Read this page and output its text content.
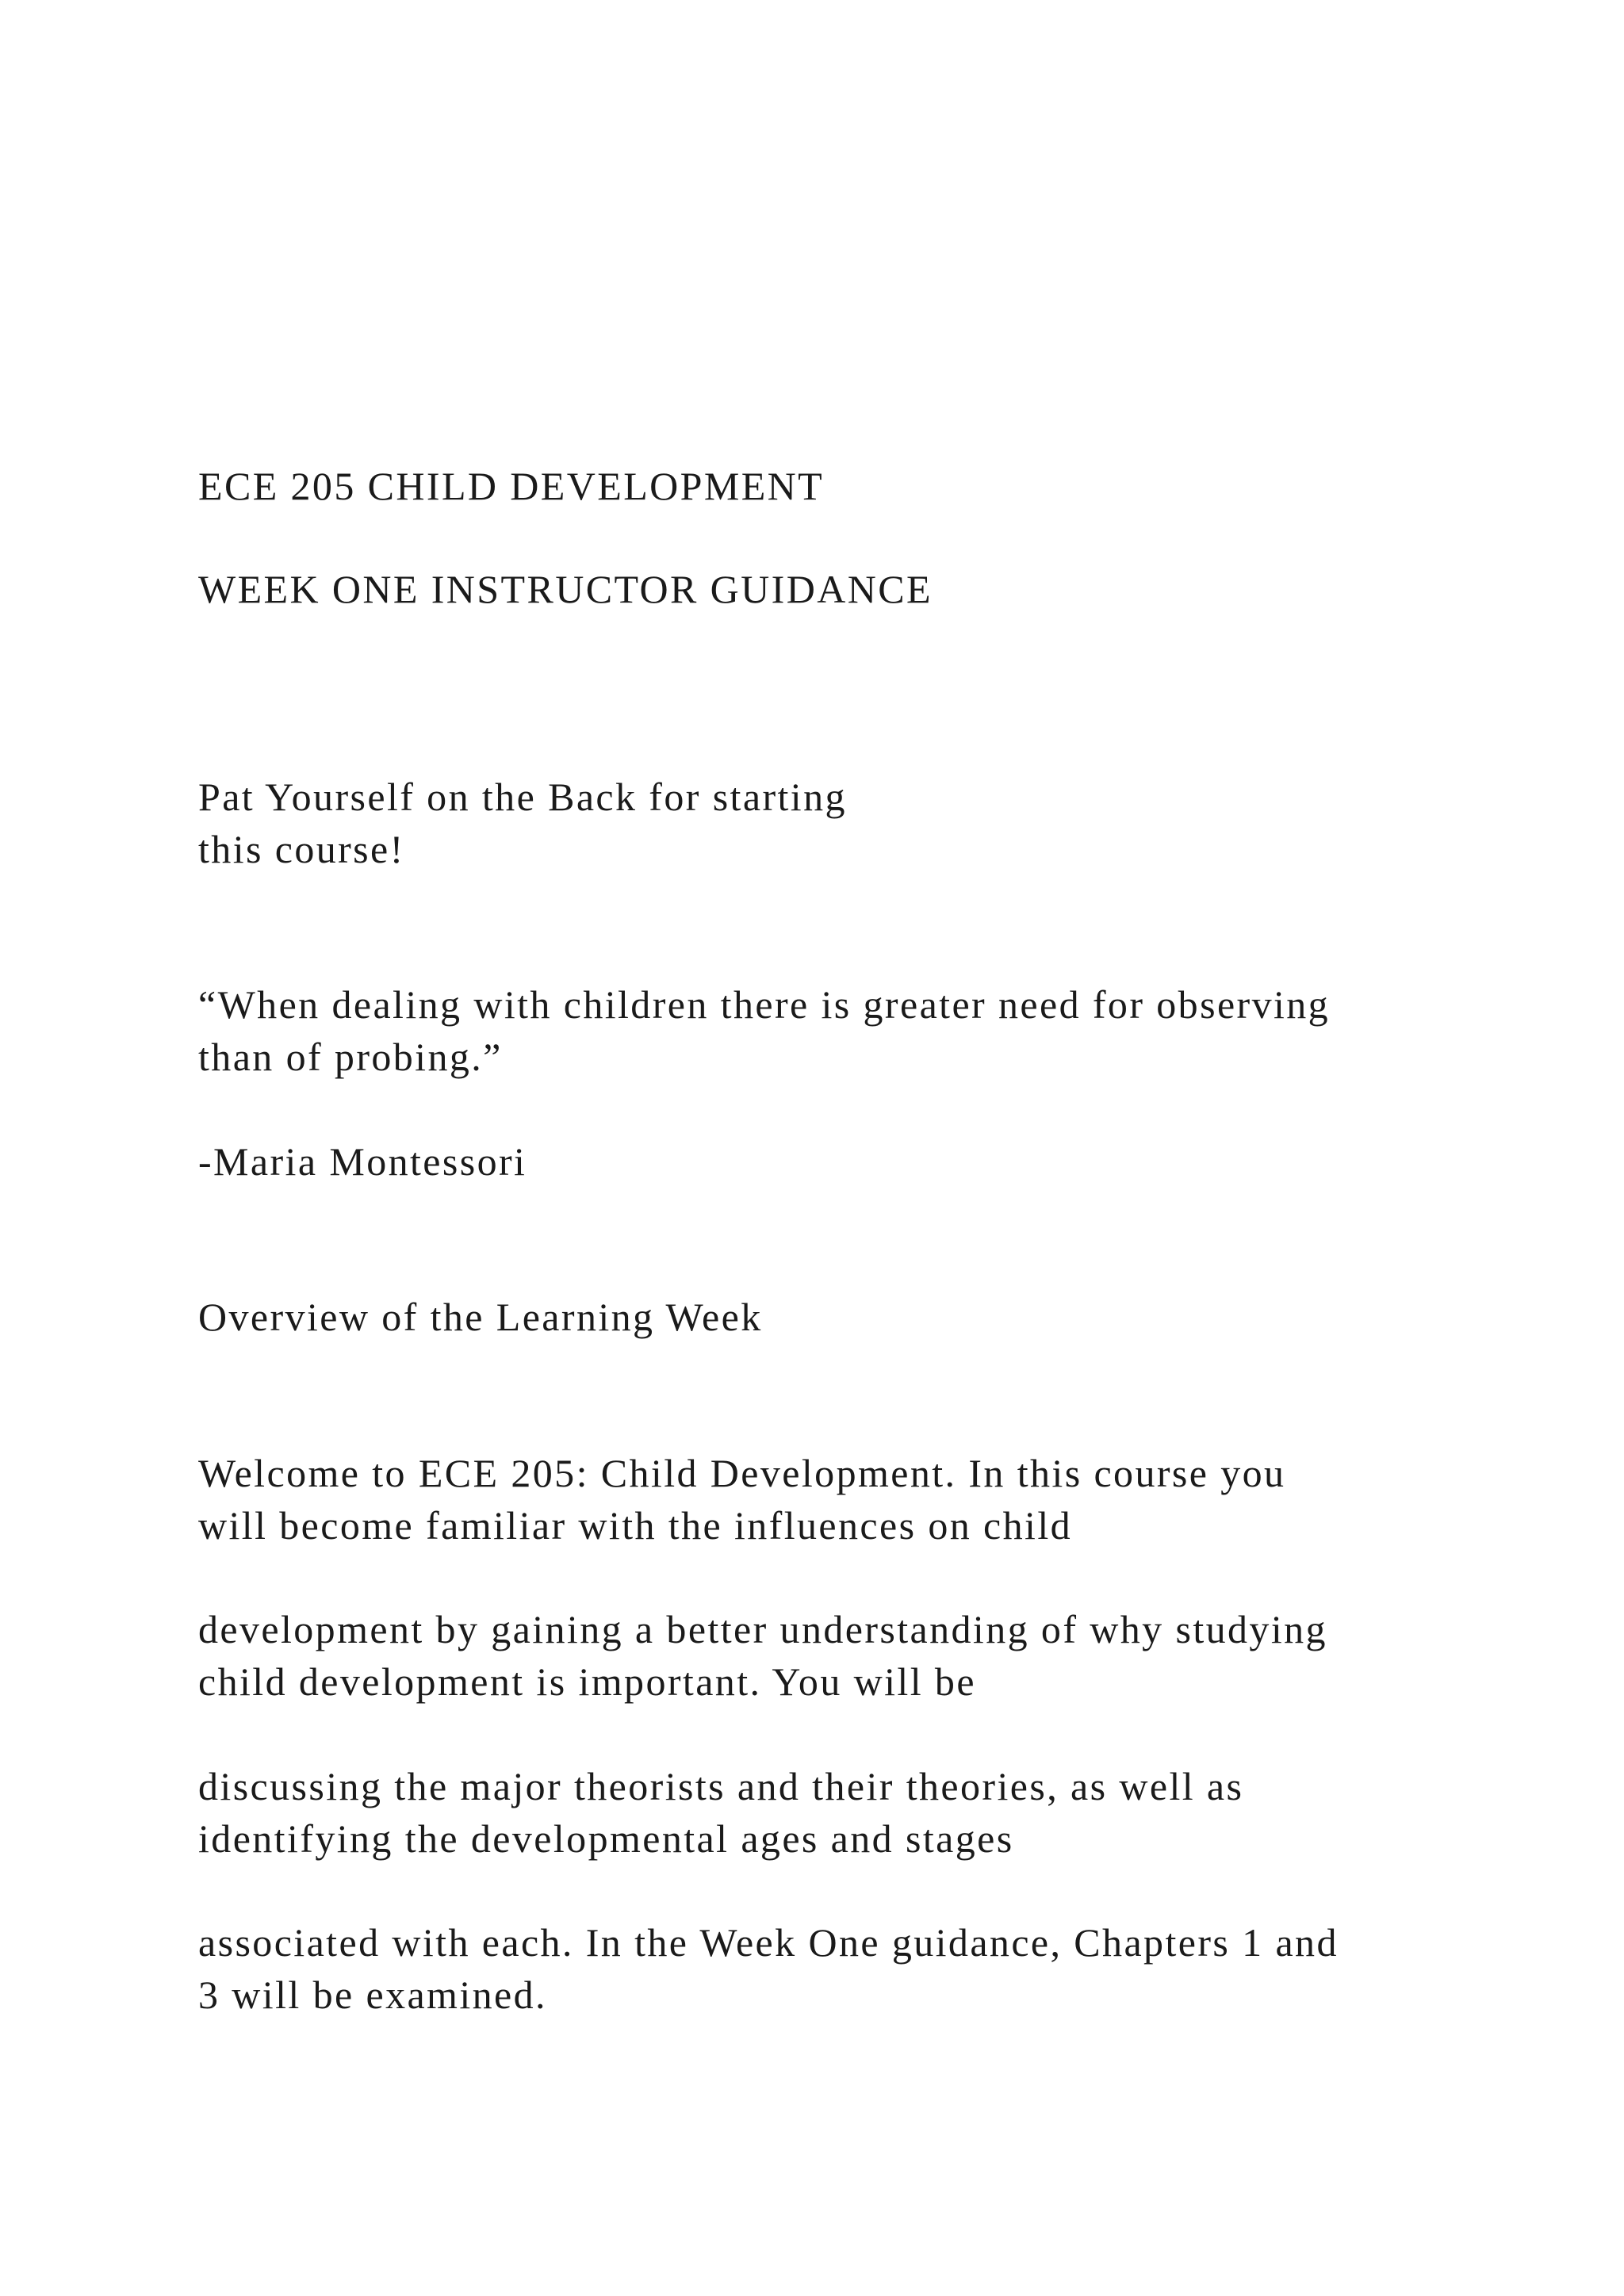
ECE 205 CHILD DEVELOPMENT

WEEK ONE INSTRUCTOR GUIDANCE

Pat Yourself on the Back for starting

this course!

“When dealing with children there is greater need for observing

than of probing.”

-Maria Montessori

Overview of the Learning Week

Welcome to ECE 205: Child Development. In this course you

will become familiar with the influences on child

development by gaining a better understanding of why studying

child development is important. You will be

discussing the major theorists and their theories, as well as

identifying the developmental ages and stages

associated with each. In the Week One guidance, Chapters 1 and

3 will be examined.
